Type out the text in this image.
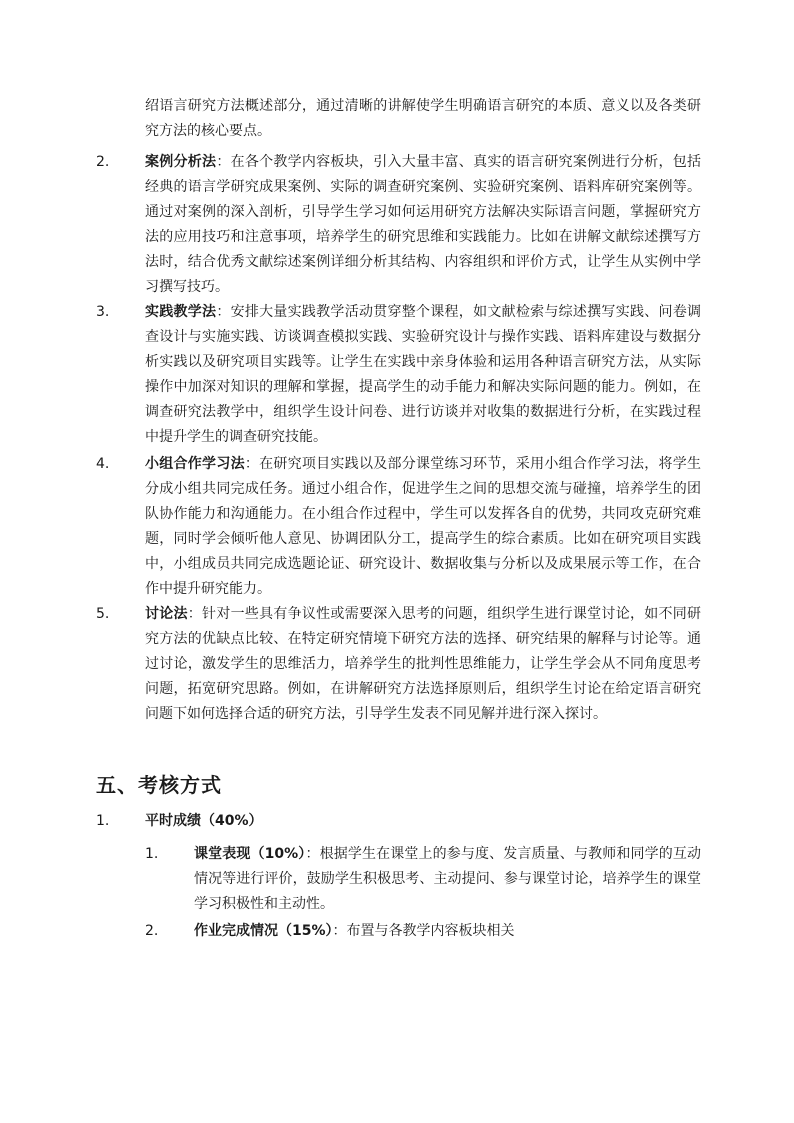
绍语言研究方法概述部分，通过清晰的讲解使学生明确语言研究的本质、意义以及各类研究方法的核心要点。

2.	案例分析法：在各个教学内容板块，引入大量丰富、真实的语言研究案例进行分析，包括经典的语言学研究成果案例、实际的调查研究案例、实验研究案例、语料库研究案例等。通过对案例的深入剖析，引导学生学习如何运用研究方法解决实际语言问题，掌握研究方法的应用技巧和注意事项，培养学生的研究思维和实践能力。比如在讲解文献综述撰写方法时，结合优秀文献综述案例详细分析其结构、内容组织和评价方式，让学生从实例中学习撰写技巧。
3.	实践教学法：安排大量实践教学活动贯穿整个课程，如文献检索与综述撰写实践、问卷调查设计与实施实践、访谈调查模拟实践、实验研究设计与操作实践、语料库建设与数据分析实践以及研究项目实践等。让学生在实践中亲身体验和运用各种语言研究方法，从实际操作中加深对知识的理解和掌握，提高学生的动手能力和解决实际问题的能力。例如，在调查研究法教学中，组织学生设计问卷、进行访谈并对收集的数据进行分析，在实践过程中提升学生的调查研究技能。
4.	小组合作学习法：在研究项目实践以及部分课堂练习环节，采用小组合作学习法，将学生分成小组共同完成任务。通过小组合作，促进学生之间的思想交流与碰撞，培养学生的团队协作能力和沟通能力。在小组合作过程中，学生可以发挥各自的优势，共同攻克研究难题，同时学会倾听他人意见、协调团队分工，提高学生的综合素质。比如在研究项目实践中，小组成员共同完成选题论证、研究设计、数据收集与分析以及成果展示等工作，在合作中提升研究能力。
5.	讨论法：针对一些具有争议性或需要深入思考的问题，组织学生进行课堂讨论，如不同研究方法的优缺点比较、在特定研究情境下研究方法的选择、研究结果的解释与讨论等。通过讨论，激发学生的思维活力，培养学生的批判性思维能力，让学生学会从不同角度思考问题，拓宽研究思路。例如，在讲解研究方法选择原则后，组织学生讨论在给定语言研究问题下如何选择合适的研究方法，引导学生发表不同见解并进行深入探讨。
五、考核方式
1.	平时成绩（40%）
1.	课堂表现（10%）：根据学生在课堂上的参与度、发言质量、与教师和同学的互动情况等进行评价，鼓励学生积极思考、主动提问、参与课堂讨论，培养学生的课堂学习积极性和主动性。
2.	作业完成情况（15%）：布置与各教学内容板块相关
